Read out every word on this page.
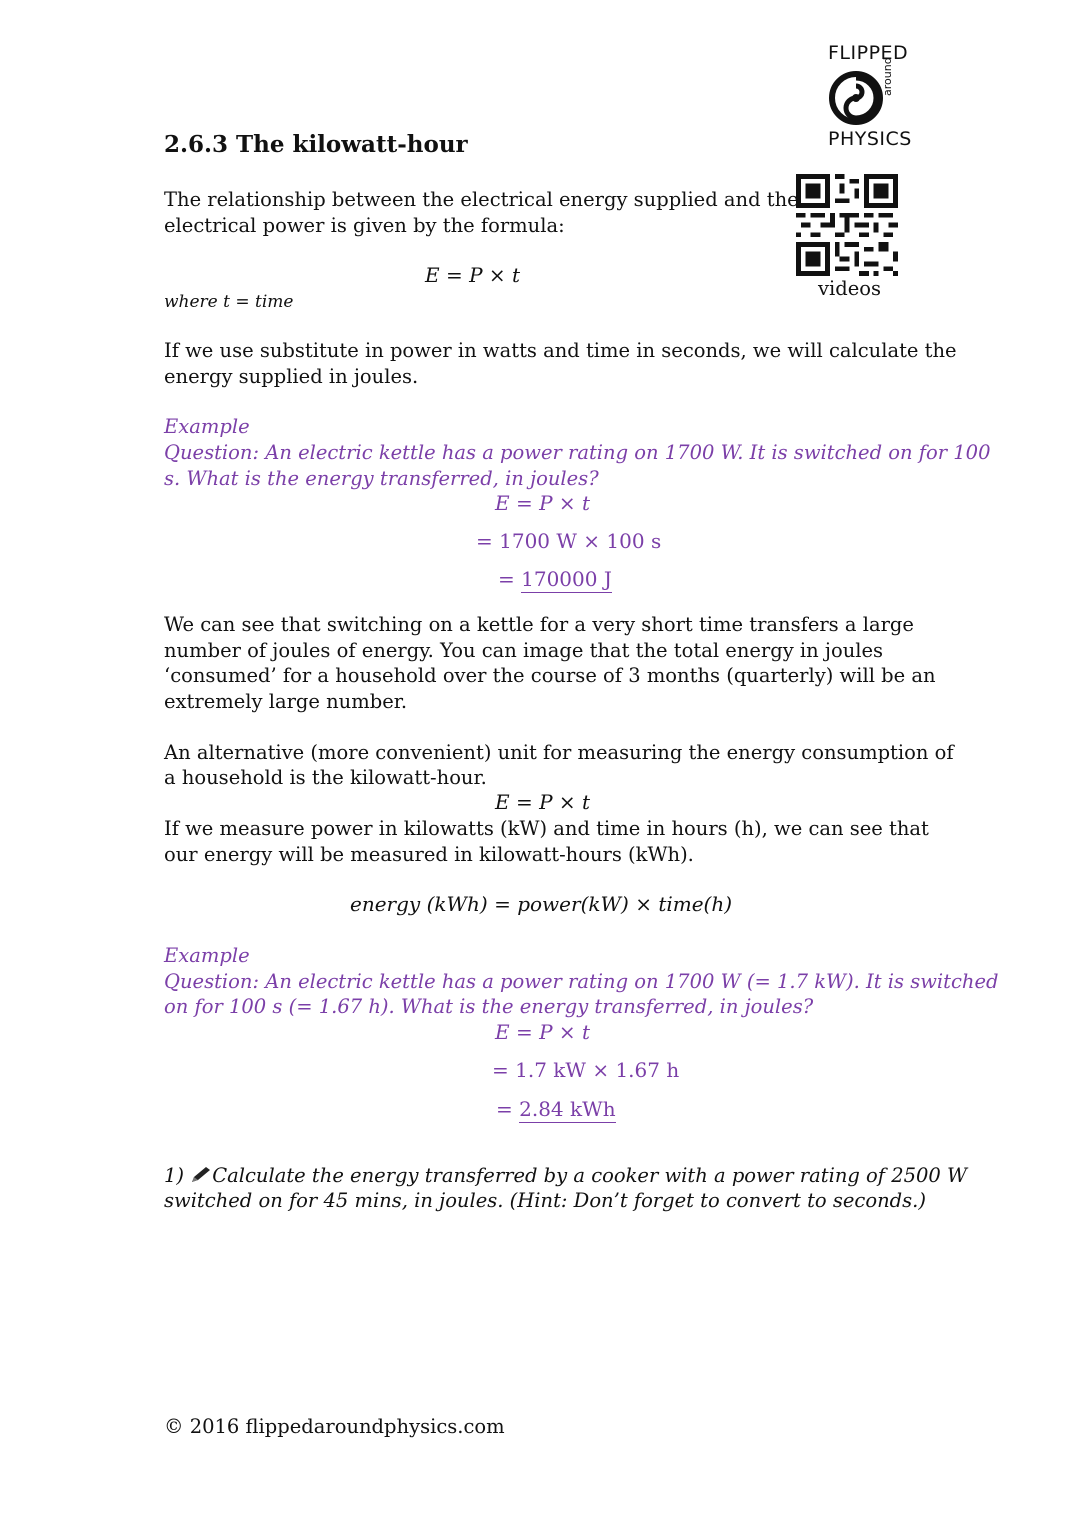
FLIPPED
around
PHYSICS
videos
2.6.3 The kilowatt-hour
The relationship between the electrical energy supplied and the
electrical power is given by the formula:
E = P × t
where t = time
If we use substitute in power in watts and time in seconds, we will calculate the
energy supplied in joules.
Example
Question: An electric kettle has a power rating on 1700 W. It is switched on for 100
s. What is the energy transferred, in joules?
E = P × t
= 1700 W × 100 s
= 170000 J
We can see that switching on a kettle for a very short time transfers a large
number of joules of energy. You can image that the total energy in joules
‘consumed’ for a household over the course of 3 months (quarterly) will be an
extremely large number.
An alternative (more convenient) unit for measuring the energy consumption of
a household is the kilowatt-hour.
E = P × t
If we measure power in kilowatts (kW) and time in hours (h), we can see that
our energy will be measured in kilowatt-hours (kWh).
energy (kWh) = power(kW) × time(h)
Example
Question: An electric kettle has a power rating on 1700 W (= 1.7 kW). It is switched
on for 100 s (= 1.67 h). What is the energy transferred, in joules?
E = P × t
= 1.7 kW × 1.67 h
= 2.84 kWh
1) Calculate the energy transferred by a cooker with a power rating of 2500 W
switched on for 45 mins, in joules. (Hint: Don’t forget to convert to seconds.)
© 2016 flippedaroundphysics.com
